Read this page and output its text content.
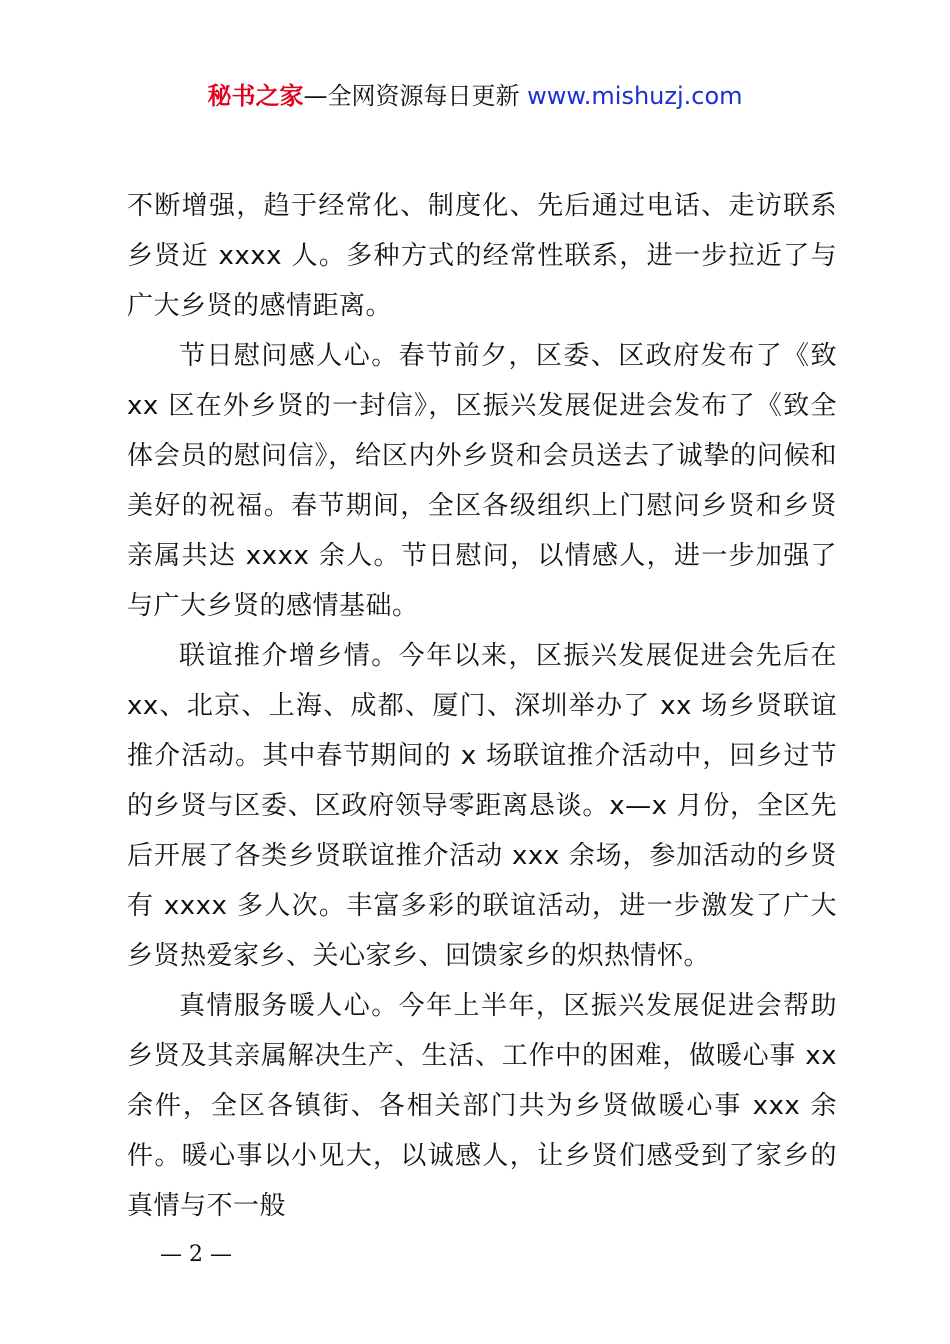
秘书之家—全网资源每日更新 www.mishuzj.com

不断增强，趋于经常化、制度化、先后通过电话、走访联系乡贤近 xxxx 人。多种方式的经常性联系，进一步拉近了与广大乡贤的感情距离。

节日慰问感人心。春节前夕，区委、区政府发布了《致 xx 区在外乡贤的一封信》，区振兴发展促进会发布了《致全体会员的慰问信》，给区内外乡贤和会员送去了诚挚的问候和美好的祝福。春节期间，全区各级组织上门慰问乡贤和乡贤亲属共达 xxxx 余人。节日慰问，以情感人，进一步加强了与广大乡贤的感情基础。

联谊推介增乡情。今年以来，区振兴发展促进会先后在 xx、北京、上海、成都、厦门、深圳举办了 xx 场乡贤联谊推介活动。其中春节期间的 x 场联谊推介活动中，回乡过节的乡贤与区委、区政府领导零距离恳谈。x—x 月份，全区先后开展了各类乡贤联谊推介活动 xxx 余场，参加活动的乡贤有 xxxx 多人次。丰富多彩的联谊活动，进一步激发了广大乡贤热爱家乡、关心家乡、回馈家乡的炽热情怀。

真情服务暖人心。今年上半年，区振兴发展促进会帮助乡贤及其亲属解决生产、生活、工作中的困难，做暖心事 xx 余件，全区各镇街、各相关部门共为乡贤做暖心事 xxx 余件。暖心事以小见大，以诚感人，让乡贤们感受到了家乡的真情与不一般

— 2 —
